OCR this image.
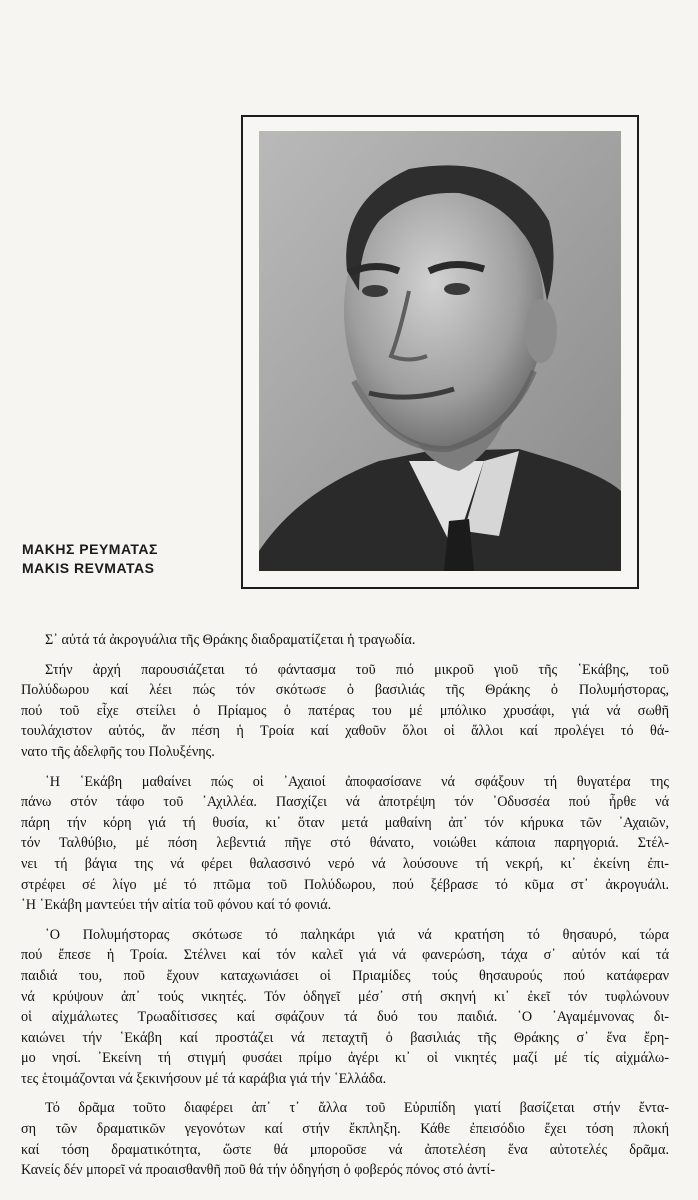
ΜΑΚΗΣ ΡΕΥΜΑΤΑΣ
MAKIS REVMATAS
Σ᾿ αὐτά τά ἀκρογυάλια τῆς Θράκης διαδραματίζεται ἡ τραγωδία.
Στήν ἀρχή παρουσιάζεται τό φάντασμα τοῦ πιό μικροῦ γιοῦ τῆς ῾Εκάβης, τοῦ
Πολύδωρου καί λέει πώς τόν σκότωσε ὁ βασιλιάς τῆς Θράκης ὁ Πολυμήστορας,
πού τοῦ εἶχε στείλει ὁ Πρίαμος ὁ πατέρας του μέ μπόλικο χρυσάφι, γιά νά σωθῆ
τουλάχιστον αὐτός, ἄν πέση ἡ Τροία καί χαθοῦν ὅλοι οἱ ἄλλοι καί προλέγει τό θά-
νατο τῆς ἀδελφῆς του Πολυξένης.
῾Η ῾Εκάβη μαθαίνει πώς οἱ ᾿Αχαιοί ἀποφασίσανε νά σφάξουν τή θυγατέρα της
πάνω στόν τάφο τοῦ ᾿Αχιλλέα. Πασχίζει νά ἀποτρέψη τόν ᾿Οδυσσέα πού ἦρθε νά
πάρη τήν κόρη γιά τή θυσία, κι᾿ ὅταν μετά μαθαίνη ἀπ᾿ τόν κήρυκα τῶν ᾿Αχαιῶν,
τόν Ταλθύβιο, μέ πόση λεβεντιά πῆγε στό θάνατο, νοιώθει κάποια παρηγοριά. Στέλ-
νει τή βάγια της νά φέρει θαλασσινό νερό νά λούσουνε τή νεκρή, κι᾿ ἐκείνη ἐπι-
στρέφει σέ λίγο μέ τό πτῶμα τοῦ Πολύδωρου, πού ξέβρασε τό κῦμα στ᾿ ἀκρογυάλι.
῾Η ῾Εκάβη μαντεύει τήν αἰτία τοῦ φόνου καί τό φονιά.
῾Ο Πολυμήστορας σκότωσε τό παληκάρι γιά νά κρατήση τό θησαυρό, τώρα
πού ἔπεσε ἡ Τροία. Στέλνει καί τόν καλεῖ γιά νά φανερώση, τάχα σ᾿ αὐτόν καί τά
παιδιά του, ποῦ ἔχουν καταχωνιάσει οἱ Πριαμίδες τούς θησαυρούς πού κατάφεραν
νά κρύψουν ἀπ᾿ τούς νικητές. Τόν ὁδηγεῖ μέσ᾿ στή σκηνή κι᾿ ἐκεῖ τόν τυφλώνουν
οἱ αἰχμάλωτες Τρωαδίτισσες καί σφάζουν τά δυό του παιδιά. ῾Ο ᾿Αγαμέμνονας δι-
καιώνει τήν ῾Εκάβη καί προστάζει νά πεταχτῆ ὁ βασιλιάς τῆς Θράκης σ᾿ ἕνα ἔρη-
μο νησί. ᾿Εκείνη τή στιγμή φυσάει πρίμο ἀγέρι κι᾿ οἱ νικητές μαζί μέ τίς αἰχμάλω-
τες ἑτοιμάζονται νά ξεκινήσουν μέ τά καράβια γιά τήν ῾Ελλάδα.
Τό δρᾶμα τοῦτο διαφέρει ἀπ᾿ τ᾿ ἄλλα τοῦ Εὐριπίδη γιατί βασίζεται στήν ἔντα-
ση τῶν δραματικῶν γεγονότων καί στήν ἔκπληξη. Κάθε ἐπεισόδιο ἔχει τόση πλοκή
καί τόση δραματικότητα, ὥστε θά μποροῦσε νά ἀποτελέση ἕνα αὐτοτελές δρᾶμα.
Κανείς δέν μπορεῖ νά προαισθανθῆ ποῦ θά τήν ὁδηγήση ὁ φοβερός πόνος στό ἀντί-
